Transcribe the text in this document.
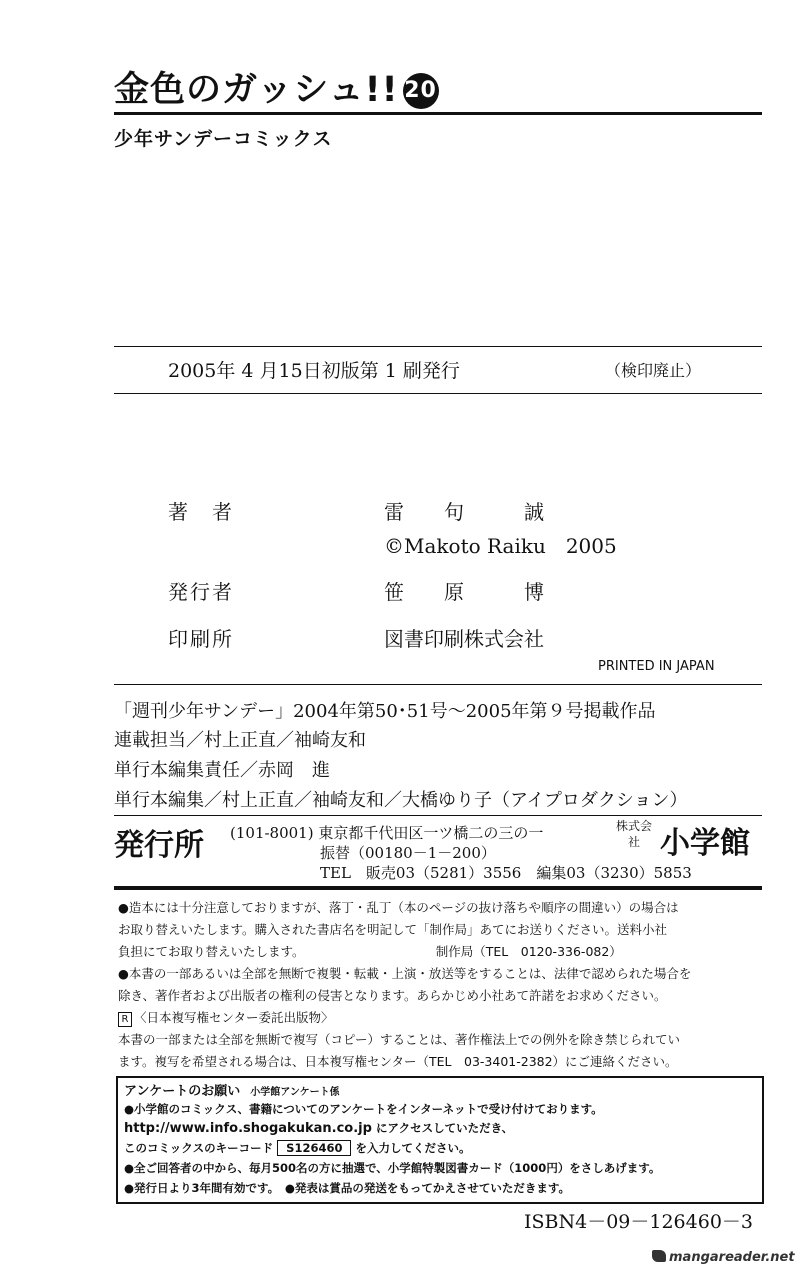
金色のガッシュ!! 20
少年サンデーコミックス
2005年 4 月15日初版第 1 刷発行	（検印廃止）
著　者	雷　　句　　　誠
©Makoto Raiku　2005
発行者	笹　　原　　　博
印刷所	図書印刷株式会社
PRINTED IN JAPAN
「週刊少年サンデー」2004年第50･51号～2005年第９号掲載作品
連載担当／村上正直／袖崎友和
単行本編集責任／赤岡　進
単行本編集／村上正直／袖崎友和／大橋ゆり子（アイプロダクション）
発行所 (101-8001) 東京都千代田区一ツ橋二の三の一
振替（00180－1－200）
TEL　販売03（5281）3556　編集03（3230）5853
株式会社 小学館
●造本には十分注意しておりますが、落丁・乱丁（本のページの抜け落ちや順序の間違い）の場合は
お取り替えいたします。購入された書店名を明記して「制作局」あてにお送りください。送料小社
負担にてお取り替えいたします。　　　　　　　　　　　制作局（TEL　0120-336-082）
●本書の一部あるいは全部を無断で複製・転載・上演・放送等をすることは、法律で認められた場合を
除き、著作者および出版者の権利の侵害となります。あらかじめ小社あて許諾をお求めください。
R 〈日本複写権センター委託出版物〉
本書の一部または全部を無断で複写（コピー）することは、著作権法上での例外を除き禁じられてい
ます。複写を希望される場合は、日本複写権センター（TEL　03-3401-2382）にご連絡ください。
アンケートのお願い 小学館アンケート係
●小学館のコミックス、書籍についてのアンケートをインターネットで受け付けております。
http://www.info.shogakukan.co.jp にアクセスしていただき、
このコミックスのキーコード S126460 を入力してください。
●全ご回答者の中から、毎月500名の方に抽選で、小学館特製図書カード（1000円）をさしあげます。
●発行日より3年間有効です。　●発表は賞品の発送をもってかえさせていただきます。
ISBN4－09－126460－3
mangareader.net
